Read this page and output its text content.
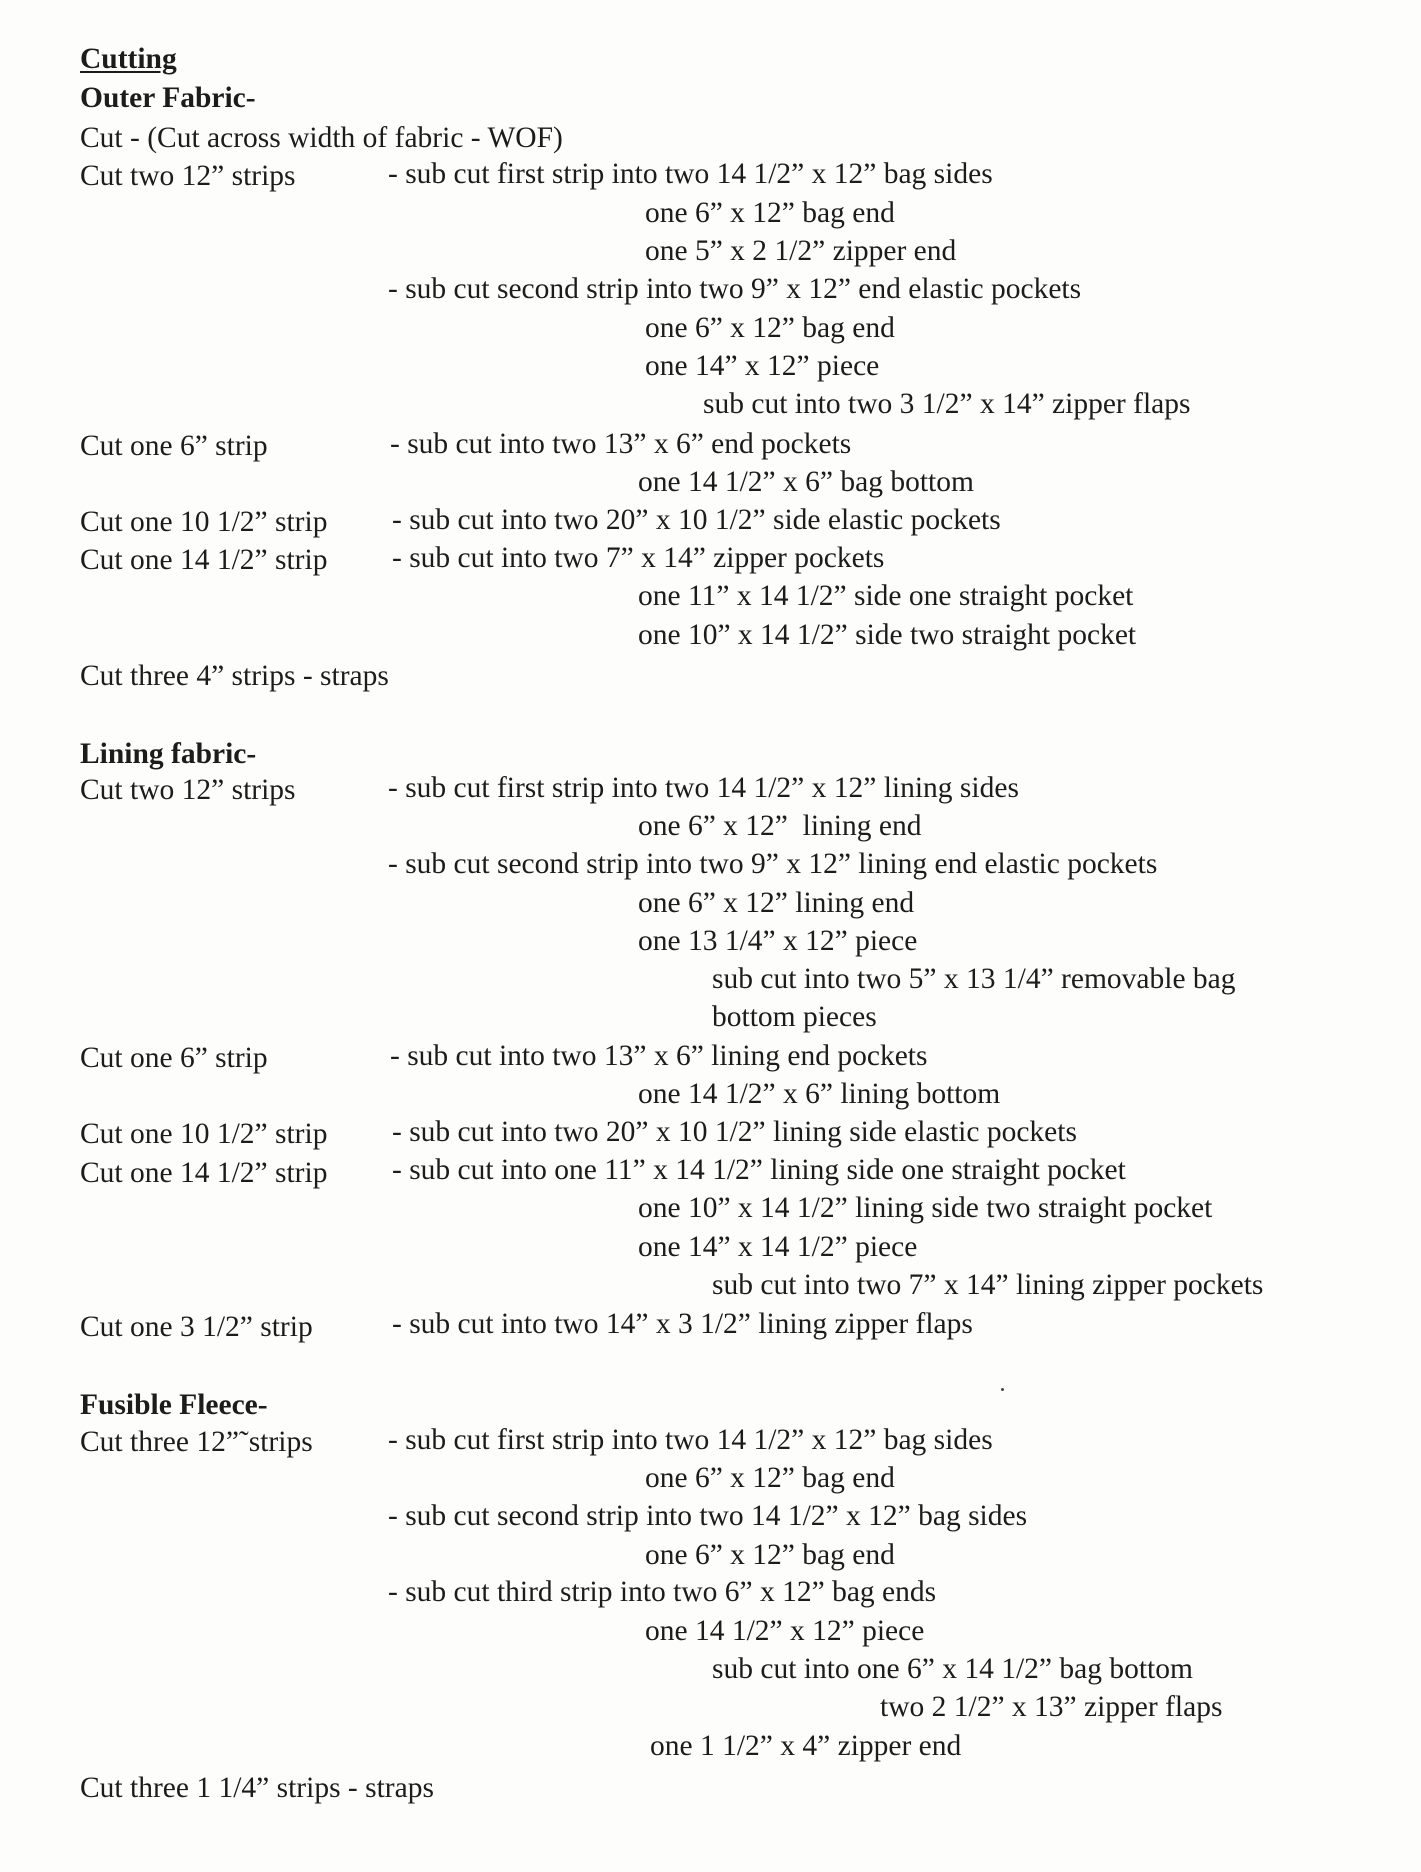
Cutting
Outer Fabric-
Cut - (Cut across width of fabric - WOF)
Cut two 12” strips	- sub cut first strip into two 14 1/2” x 12” bag sides
one 6” x 12” bag end
one 5” x 2 1/2” zipper end
- sub cut second strip into two 9” x 12” end elastic pockets
one 6” x 12” bag end
one 14” x 12” piece
sub cut into two 3 1/2” x 14” zipper flaps
Cut one 6” strip	- sub cut into two 13” x 6” end pockets
one 14 1/2” x 6” bag bottom
Cut one 10 1/2” strip - sub cut into two 20” x 10 1/2” side elastic pockets
Cut one 14 1/2” strip - sub cut into two 7” x 14” zipper pockets
one 11” x 14 1/2” side one straight pocket
one 10” x 14 1/2” side two straight pocket
Cut three 4” strips - straps
Lining fabric-
Cut two 12” strips	- sub cut first strip into two 14 1/2” x 12” lining sides
one 6” x 12”  lining end
- sub cut second strip into two 9” x 12” lining end elastic pockets
one 6” x 12” lining end
one 13 1/4” x 12” piece
sub cut into two 5” x 13 1/4” removable bag
bottom pieces
Cut one 6” strip	- sub cut into two 13” x 6” lining end pockets
one 14 1/2” x 6” lining bottom
Cut one 10 1/2” strip - sub cut into two 20” x 10 1/2” lining side elastic pockets
Cut one 14 1/2” strip - sub cut into one 11” x 14 1/2” lining side one straight pocket
one 10” x 14 1/2” lining side two straight pocket
one 14” x 14 1/2” piece
sub cut into two 7” x 14” lining zipper pockets
Cut one 3 1/2” strip	- sub cut into two 14” x 3 1/2” lining zipper flaps
Fusible Fleece-
Cut three 12”˜strips	- sub cut first strip into two 14 1/2” x 12” bag sides
one 6” x 12” bag end
- sub cut second strip into two 14 1/2” x 12” bag sides
one 6” x 12” bag end
- sub cut third strip into two 6” x 12” bag ends
one 14 1/2” x 12” piece
sub cut into one 6” x 14 1/2” bag bottom
two 2 1/2” x 13” zipper flaps
one 1 1/2” x 4” zipper end
Cut three 1 1/4” strips - straps
